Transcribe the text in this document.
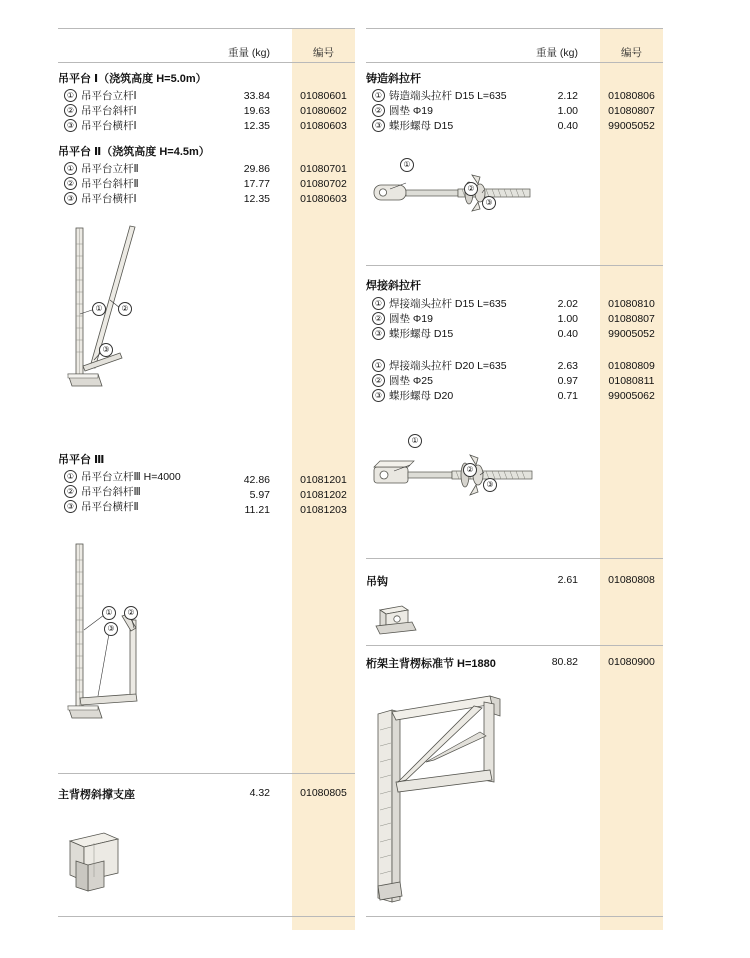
重量 (kg)	编号
吊平台 Ⅰ（浇筑高度 H=5.0m）
① 吊平台立杆Ⅰ	33.84	01080601
② 吊平台斜杆Ⅰ	19.63	01080602
③ 吊平台横杆Ⅰ	12.35	01080603
吊平台 Ⅱ（浇筑高度 H=4.5m）
① 吊平台立杆Ⅱ	29.86	01080701
② 吊平台斜杆Ⅱ	17.77	01080702
③ 吊平台横杆Ⅰ	12.35	01080603
①	②
③
吊平台 Ⅲ
① 吊平台立杆Ⅲ H=4000	42.86	01081201
② 吊平台斜杆Ⅲ	5.97	01081202
③ 吊平台横杆Ⅱ	11.21	01081203
①	②
③
主背楞斜撑支座	4.32	01080805
重量 (kg)	编号
铸造斜拉杆
① 铸造端头拉杆 D15 L=635	2.12	01080806
② 圆垫 Φ19	1.00	01080807
③ 蝶形螺母 D15	0.40	99005052
①
②
③
焊接斜拉杆
① 焊接端头拉杆 D15 L=635	2.02	01080810
② 圆垫 Φ19	1.00	01080807
③ 蝶形螺母 D15	0.40	99005052
① 焊接端头拉杆 D20 L=635	2.63	01080809
② 圆垫 Φ25	0.97	01080811
③ 蝶形螺母 D20	0.71	99005062
①
②
③
吊钩	2.61	01080808
桁架主背楞标准节 H=1880	80.82	01080900
